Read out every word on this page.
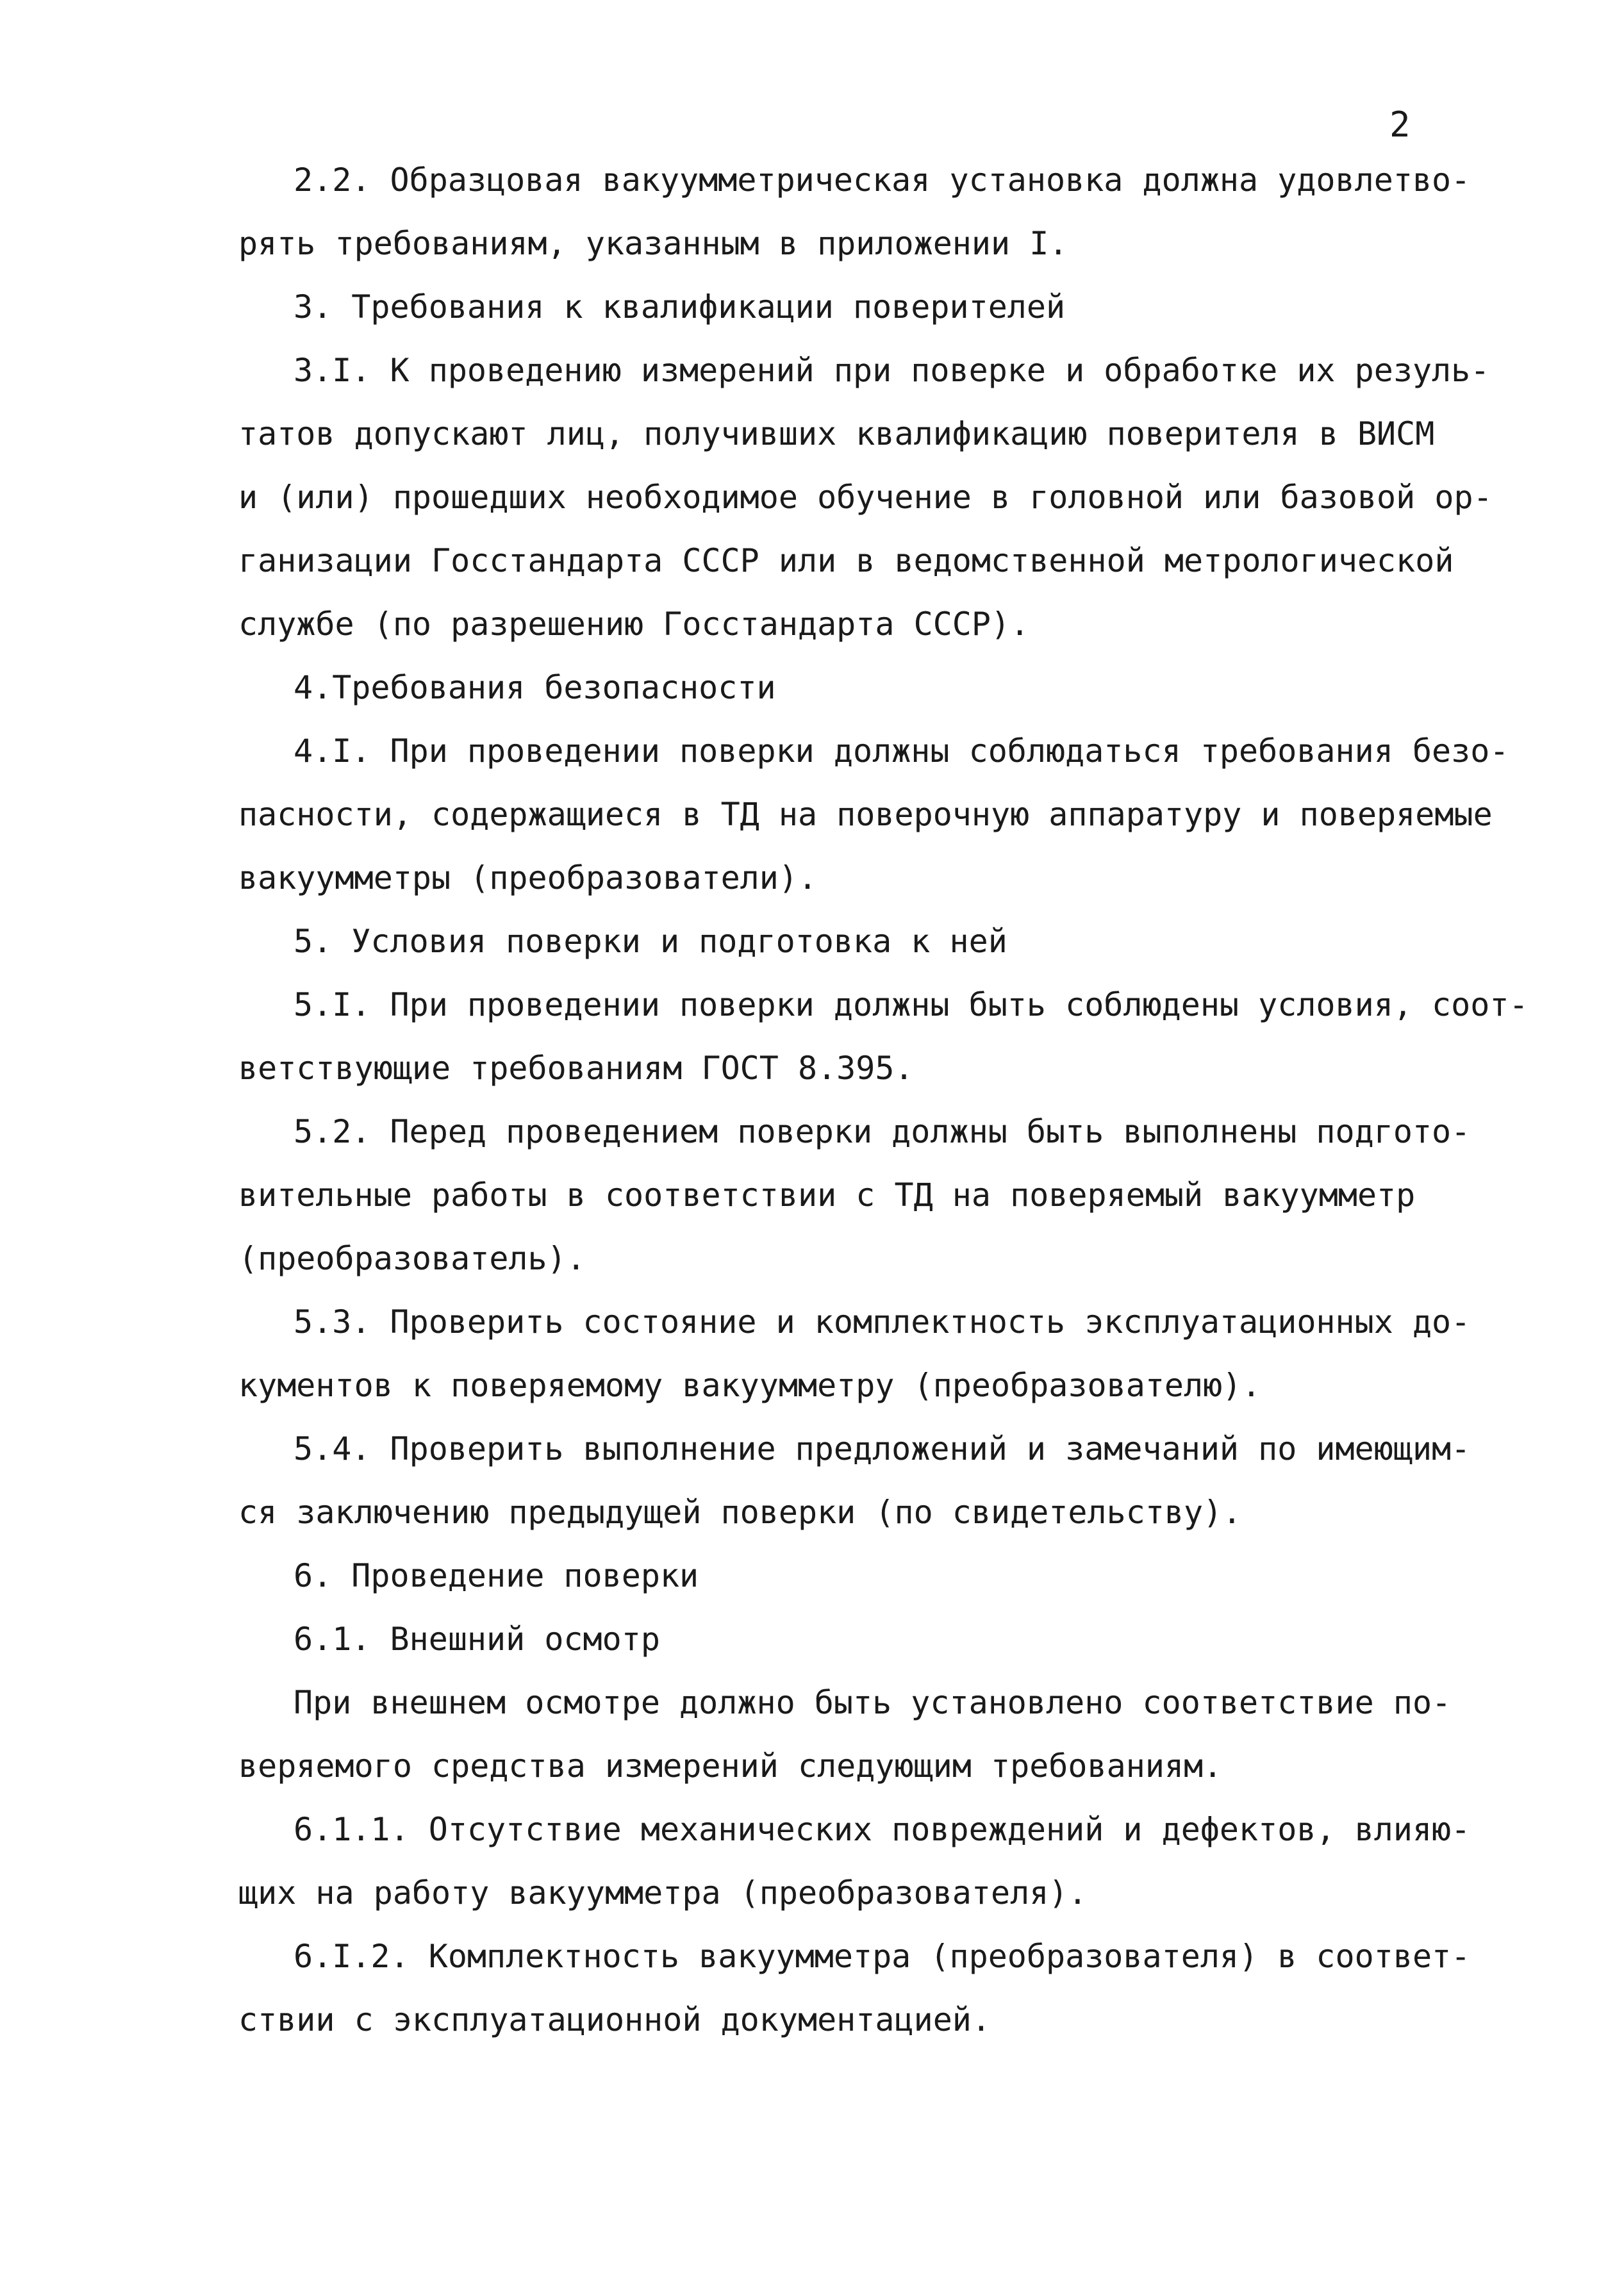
2
2.2. Образцовая вакуумметрическая установка должна удовлетво-
рять требованиям, указанным в приложении I.
3. Требования к квалификации поверителей
3.I. К проведению измерений при поверке и обработке их резуль-
татов допускают лиц, получивших квалификацию поверителя в ВИСМ
и (или) прошедших необходимое обучение в головной или базовой ор-
ганизации Госстандарта СССР или в ведомственной метрологической
службе (по разрешению Госстандарта СССР).
4.Требования безопасности
4.I. При проведении поверки должны соблюдаться требования безо-
пасности, содержащиеся в ТД на поверочную аппаратуру и поверяемые
вакуумметры (преобразователи).
5. Условия поверки и подготовка к ней
5.I. При проведении поверки должны быть соблюдены условия, соот-
ветствующие требованиям ГОСТ 8.395.
5.2. Перед проведением поверки должны быть выполнены подгото-
вительные работы в соответствии с ТД на поверяемый вакуумметр
(преобразователь).
5.3. Проверить состояние и комплектность эксплуатационных до-
кументов к поверяемому вакуумметру (преобразователю).
5.4. Проверить выполнение предложений и замечаний по имеющим-
ся заключению предыдущей поверки (по свидетельству).
6. Проведение поверки
6.1. Внешний осмотр
При внешнем осмотре должно быть установлено соответствие по-
веряемого средства измерений следующим требованиям.
6.1.1. Отсутствие механических повреждений и дефектов, влияю-
щих на работу вакуумметра (преобразователя).
6.I.2. Комплектность вакуумметра (преобразователя) в соответ-
ствии с эксплуатационной документацией.
